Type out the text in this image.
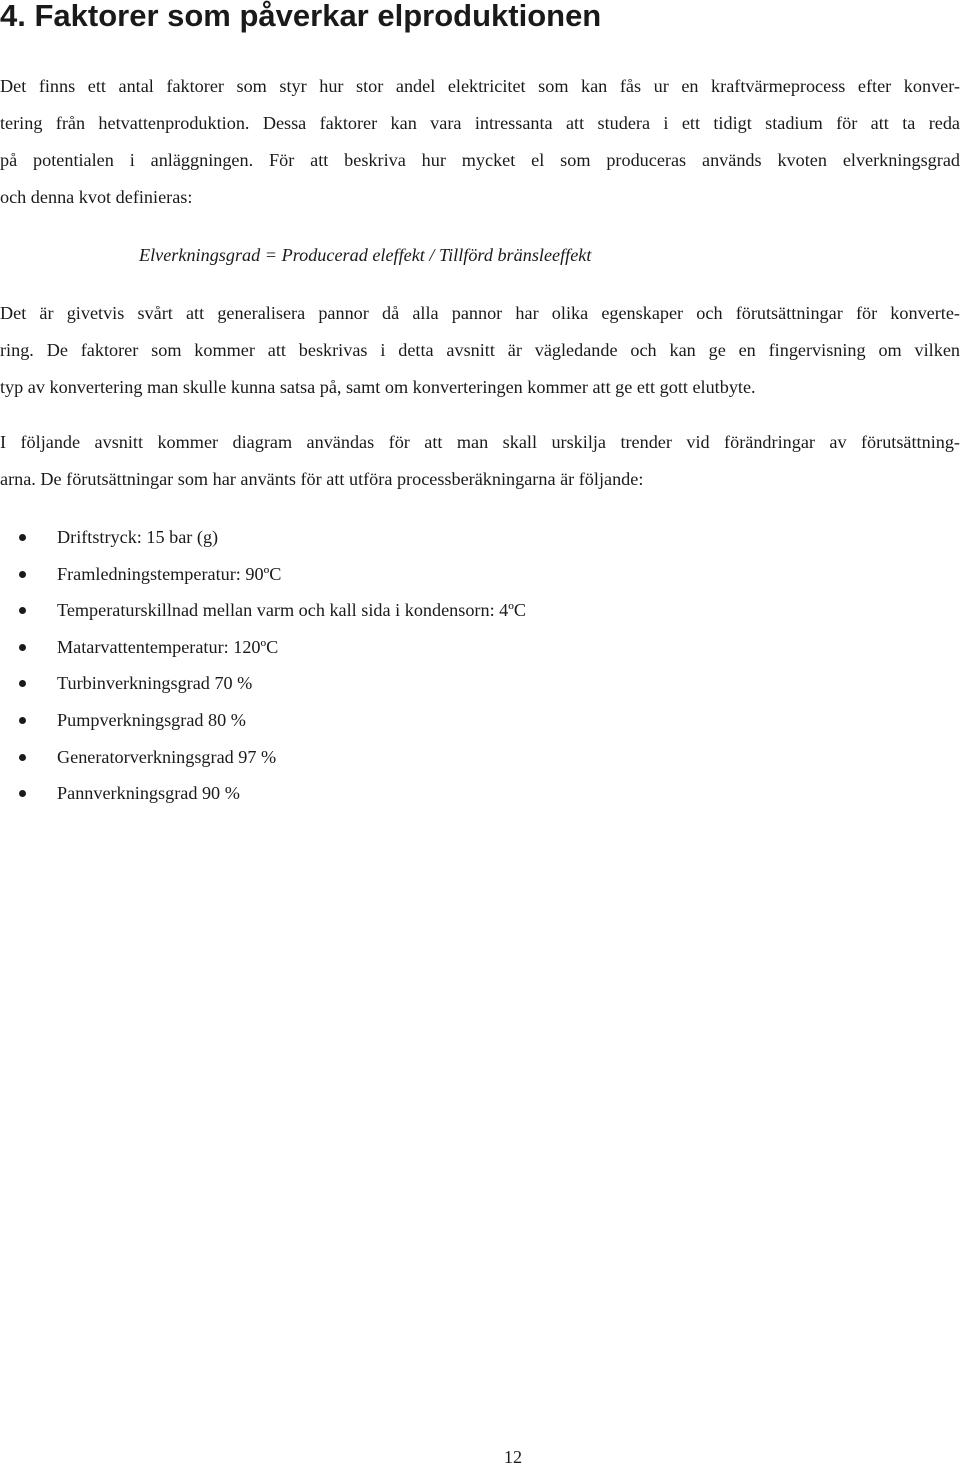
4. Faktorer som påverkar elproduktionen

Det finns ett antal faktorer som styr hur stor andel elektricitet som kan fås ur en kraftvärmeprocess efter konver-
tering från hetvattenproduktion. Dessa faktorer kan vara intressanta att studera i ett tidigt stadium för att ta reda
på potentialen i anläggningen. För att beskriva hur mycket el som produceras används kvoten elverkningsgrad
och denna kvot definieras:

Elverkningsgrad = Producerad eleffekt / Tillförd bränsleeffekt

Det är givetvis svårt att generalisera pannor då alla pannor har olika egenskaper och förutsättningar för konverte-
ring. De faktorer som kommer att beskrivas i detta avsnitt är vägledande och kan ge en fingervisning om vilken
typ av konvertering man skulle kunna satsa på, samt om konverteringen kommer att ge ett gott elutbyte.

I följande avsnitt kommer diagram användas för att man skall urskilja trender vid förändringar av förutsättning-
arna. De förutsättningar som har använts för att utföra processberäkningarna är följande:

Driftstryck: 15 bar (g)
Framledningstemperatur: 90ºC
Temperaturskillnad mellan varm och kall sida i kondensorn: 4ºC
Matarvattentemperatur: 120ºC
Turbinverkningsgrad 70 %
Pumpverkningsgrad 80 %
Generatorverkningsgrad 97 %
Pannverkningsgrad 90 %
12
